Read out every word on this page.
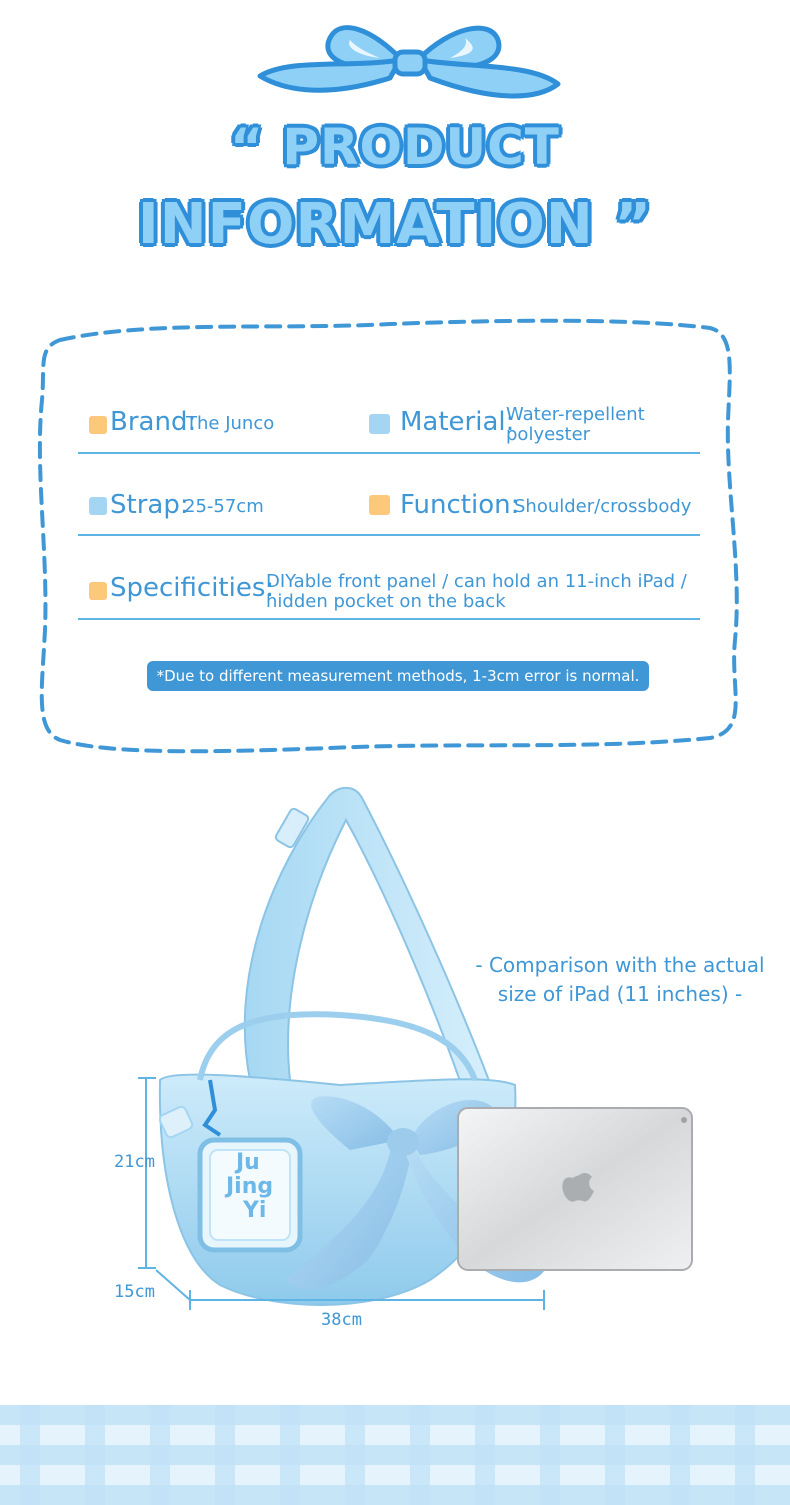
“ PRODUCT
INFORMATION ”
Brand:
The Junco	Material:
Water-repellent polyester
Strap:
25-57cm	Function:
Shoulder/crossbody
Specificities:
DIYable front panel / can hold an 11-inch iPad / hidden pocket on the back
*Due to different measurement methods, 1-3cm error is normal.
- Comparison with the actual
size of iPad (11 inches) -
Ju
Jing
Yi
21cm
15cm
38cm
